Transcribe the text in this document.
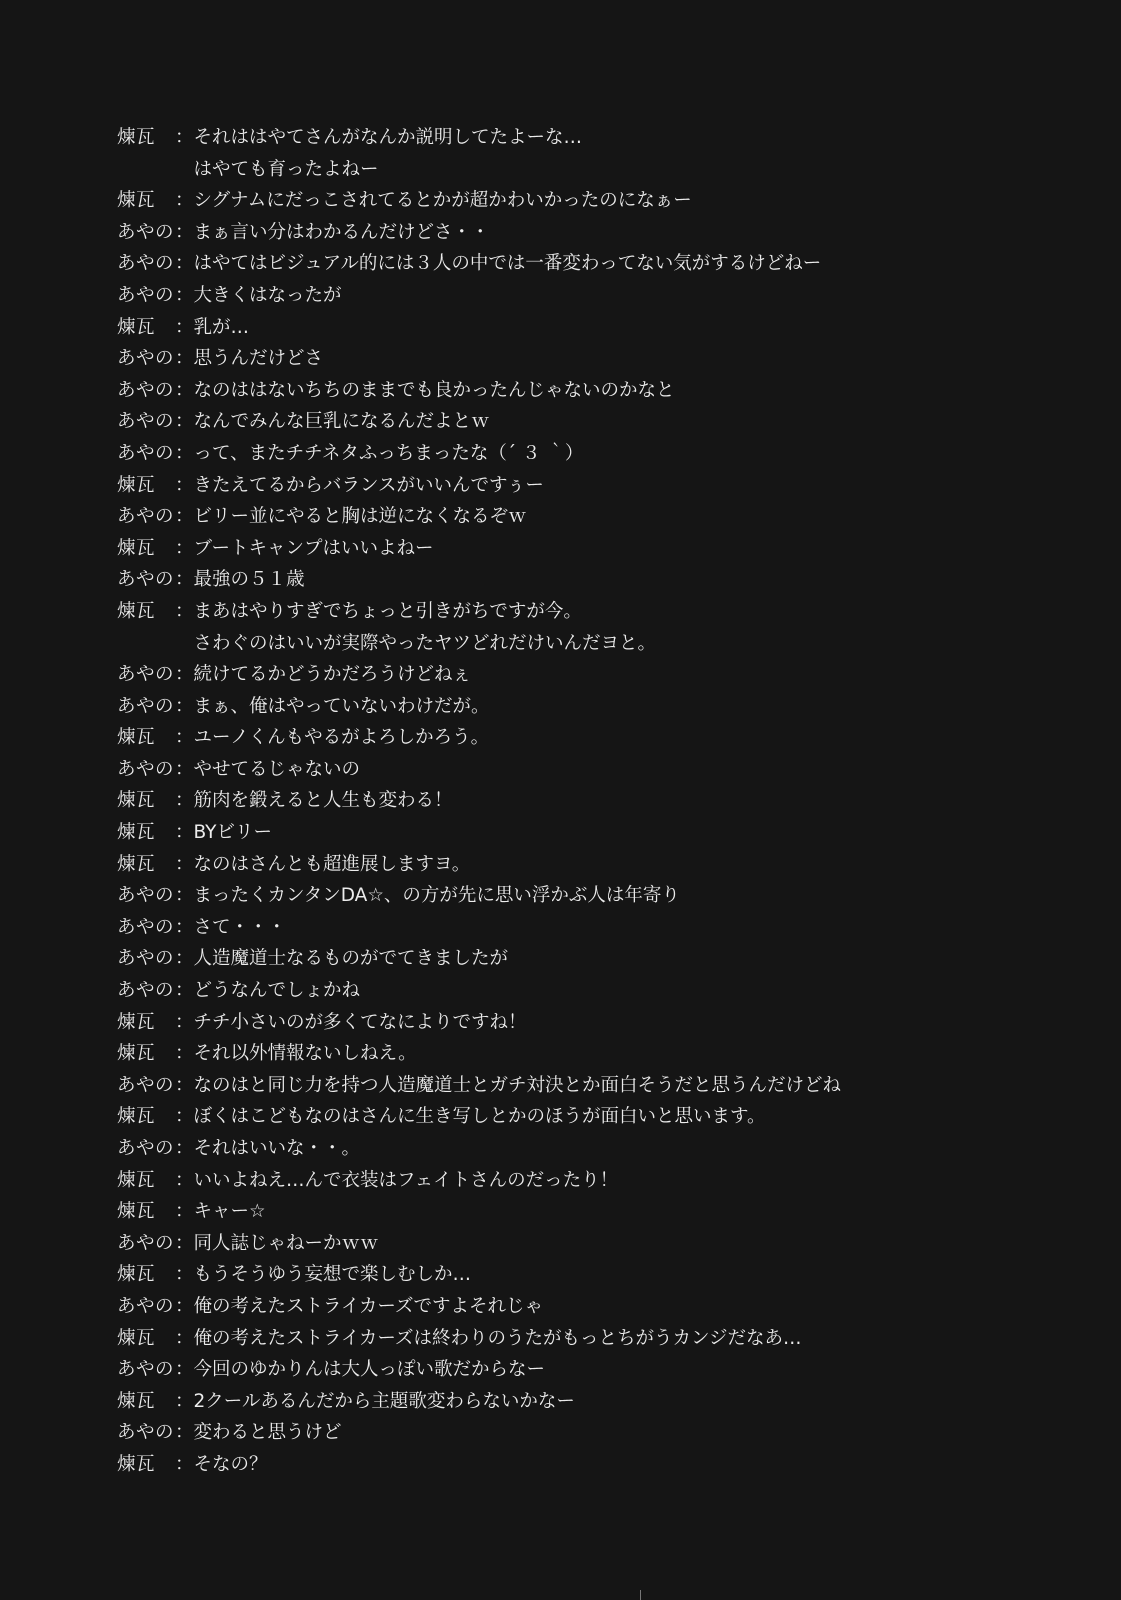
煉瓦 ：それははやてさんがなんか説明してたよーな…
　はやても育ったよねー
煉瓦 ：シグナムにだっこされてるとかが超かわいかったのになぁー
あやの ：まぁ言い分はわかるんだけどさ・・
あやの ：はやてはビジュアル的には３人の中では一番変わってない気がするけどねー
あやの ：大きくはなったが
煉瓦 ：乳が…
あやの ：思うんだけどさ
あやの ：なのははないちちのままでも良かったんじゃないのかなと
あやの ：なんでみんな巨乳になるんだよとｗ
あやの ：って、またチチネタふっちまったな（´ ３ ｀）
煉瓦 ：きたえてるからバランスがいいんですぅー
あやの ：ビリー並にやると胸は逆になくなるぞｗ
煉瓦 ：ブートキャンプはいいよねー
あやの ：最強の５１歳
煉瓦 ：まあはやりすぎでちょっと引きがちですが今。
　さわぐのはいいが実際やったヤツどれだけいんだヨと。
あやの ：続けてるかどうかだろうけどねぇ
あやの ：まぁ、俺はやっていないわけだが。
煉瓦 ：ユーノくんもやるがよろしかろう。
あやの ：やせてるじゃないの
煉瓦 ：筋肉を鍛えると人生も変わる！
煉瓦 ：BYビリー
煉瓦 ：なのはさんとも超進展しますヨ。
あやの ：まったくカンタンDA☆、の方が先に思い浮かぶ人は年寄り
あやの ：さて・・・
あやの ：人造魔道士なるものがでてきましたが
あやの ：どうなんでしょかね
煉瓦 ：チチ小さいのが多くてなによりですね！
煉瓦 ：それ以外情報ないしねえ。
あやの ：なのはと同じ力を持つ人造魔道士とガチ対決とか面白そうだと思うんだけどね
煉瓦 ：ぼくはこどもなのはさんに生き写しとかのほうが面白いと思います。
あやの ：それはいいな・・。
煉瓦 ：いいよねえ…んで衣装はフェイトさんのだったり！
煉瓦 ：キャー☆
あやの ：同人誌じゃねーかｗｗ
煉瓦 ：もうそうゆう妄想で楽しむしか…
あやの ：俺の考えたストライカーズですよそれじゃ
煉瓦 ：俺の考えたストライカーズは終わりのうたがもっとちがうカンジだなあ…
あやの ：今回のゆかりんは大人っぽい歌だからなー
煉瓦 ：2クールあるんだから主題歌変わらないかなー
あやの ：変わると思うけど
煉瓦 ：そなの？
